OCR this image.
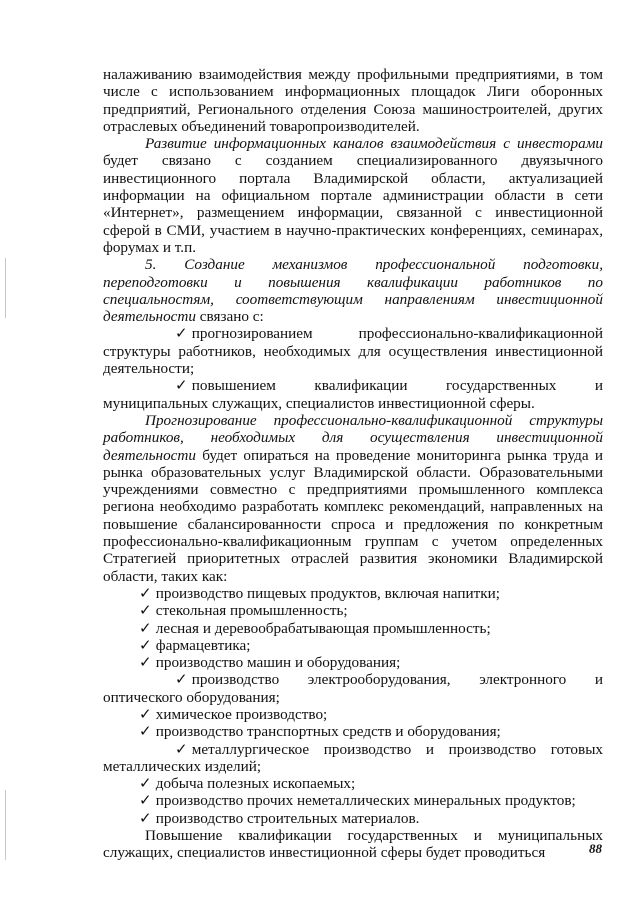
налаживанию взаимодействия между профильными предприятиями, в том числе с использованием информационных площадок Лиги оборонных предприятий, Регионального отделения Союза машиностроителей, других отраслевых объединений товаропроизводителей.

Развитие информационных каналов взаимодействия с инвесторами будет связано с созданием специализированного двуязычного инвестиционного портала Владимирской области, актуализацией информации на официальном портале администрации области в сети «Интернет», размещением информации, связанной с инвестиционной сферой в СМИ, участием в научно-практических конференциях, семинарах, форумах и т.п.

5. Создание механизмов профессиональной подготовки, переподготовки и повышения квалификации работников по специальностям, соответствующим направлениям инвестиционной деятельности связано с:

✓ прогнозированием профессионально-квалификационной структуры работников, необходимых для осуществления инвестиционной деятельности;

✓ повышением квалификации государственных и муниципальных служащих, специалистов инвестиционной сферы.

Прогнозирование профессионально-квалификационной структуры работников, необходимых для осуществления инвестиционной деятельности будет опираться на проведение мониторинга рынка труда и рынка образовательных услуг Владимирской области. Образовательными учреждениями совместно с предприятиями промышленного комплекса региона необходимо разработать комплекс рекомендаций, направленных на повышение сбалансированности спроса и предложения по конкретным профессионально-квалификационным группам с учетом определенных Стратегией приоритетных отраслей развития экономики Владимирской области, таких как:

✓ производство пищевых продуктов, включая напитки;

✓ стекольная промышленность;

✓ лесная и деревообрабатывающая промышленность;

✓ фармацевтика;

✓ производство машин и оборудования;

✓ производство электрооборудования, электронного и оптического оборудования;

✓ химическое производство;

✓ производство транспортных средств и оборудования;

✓ металлургическое производство и производство готовых металлических изделий;

✓ добыча полезных ископаемых;

✓ производство прочих неметаллических минеральных продуктов;

✓ производство строительных материалов.

Повышение квалификации государственных и муниципальных служащих, специалистов инвестиционной сферы будет проводиться	88
